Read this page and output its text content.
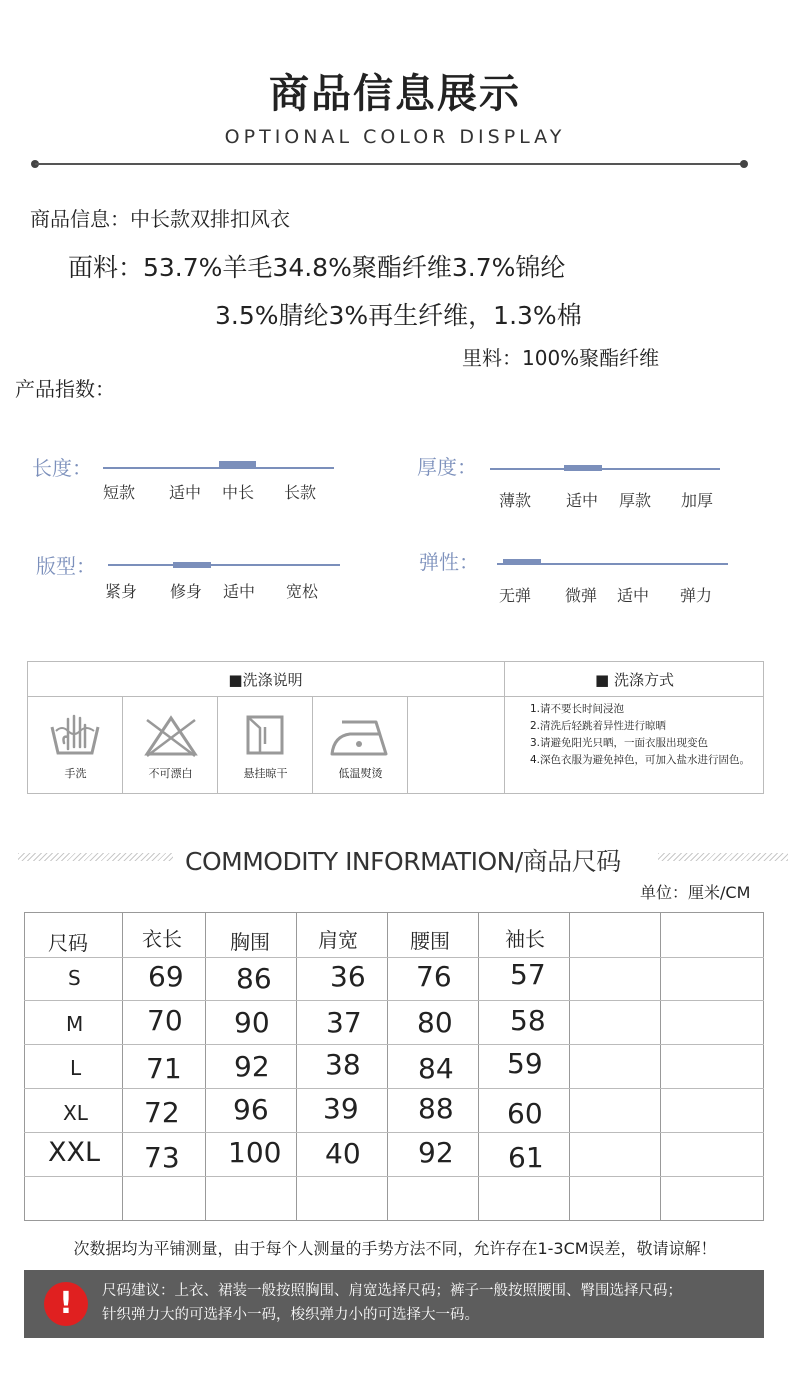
商品信息展示
OPTIONAL COLOR DISPLAY
商品信息：中长款双排扣风衣
面料：53.7%羊毛34.8%聚酯纤维3.7%锦纶
3.5%腈纶3%再生纤维，1.3%棉
里料：100%聚酯纤维
产品指数：
长度：
短款 适中 中长 长款
厚度：
薄款 适中 厚款 加厚
版型：
紧身 修身 适中 宽松
弹性：
无弹 微弹 适中 弹力
■洗涤说明	■ 洗涤方式
手洗	不可漂白	悬挂晾干	低温熨烫
1.请不要长时间浸泡
2.清洗后轻跳着异性进行晾晒
3.请避免阳光只晒，一面衣服出现变色
4.深色衣服为避免掉色，可加入盐水进行固色。
COMMODITY INFORMATION/商品尺码
单位：厘米/CM
尺码	衣长 胸围 肩宽	腰围	袖长
S 69 86 36 76 57
M 70 90 37 80 58
L 71 92 38 84 59
XL 72 96 39 88 60
XXL 73 100 40 92 61
次数据均为平铺测量，由于每个人测量的手势方法不同，允许存在1-3CM误差，敬请谅解！
!	尺码建议：上衣、裙装一般按照胸围、肩宽选择尺码；裤子一般按照腰围、臀围选择尺码；
针织弹力大的可选择小一码，梭织弹力小的可选择大一码。
